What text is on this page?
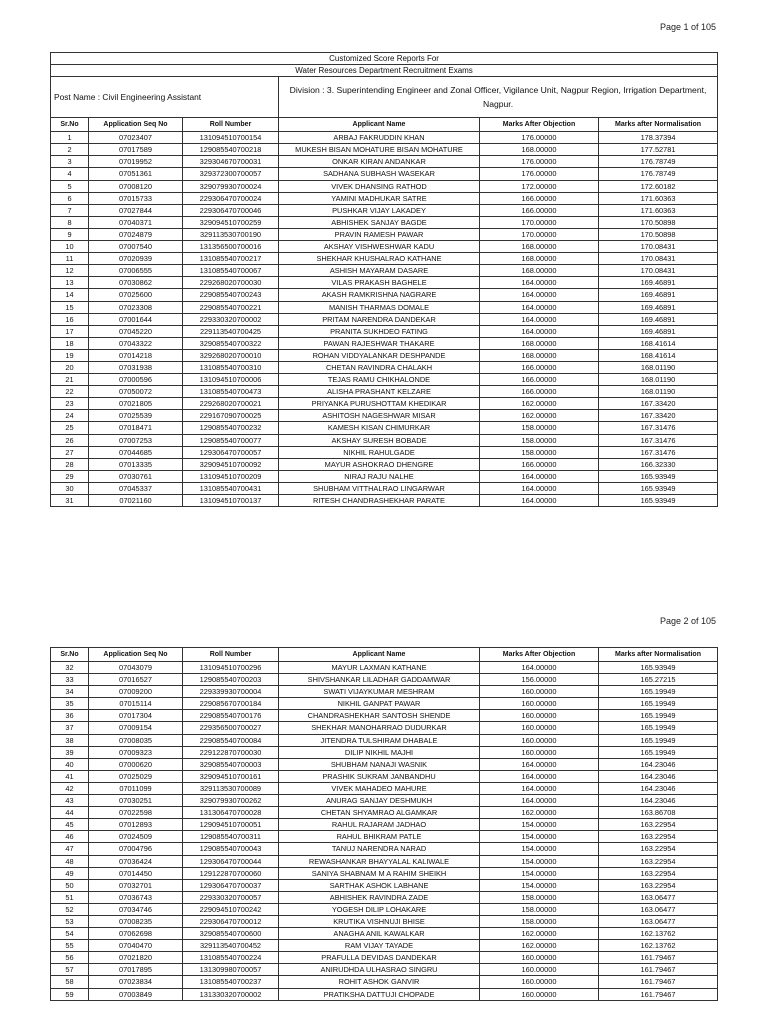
Page 1 of 105
Customized Score Reports For					
Water Resources Department Recruitment Exams					
Post Name : Civil Engineering Assistant			Division : 3. Superintending Engineer and Zonal Officer, Vigilance Unit, Nagpur Region, Irrigation Department, Nagpur.		
Sr.No	Application Seq No	Roll Number	Applicant Name	Marks After Objection	Marks after Normalisation
1	07023407	131094510700154	ARBAJ FAKRUDDIN KHAN	176.00000	178.37394
2	07017589	129085540700218	MUKESH BISAN MOHATURE BISAN MOHATURE	168.00000	177.52781
3	07019952	329304670700031	ONKAR KIRAN ANDANKAR	176.00000	176.78749
4	07051361	329372300700057	SADHANA SUBHASH WASEKAR	176.00000	176.78749
5	07008120	329079930700024	VIVEK DHANSING RATHOD	172.00000	172.60182
6	07015733	229306470700024	YAMINI MADHUKAR SATRE	166.00000	171.60363
7	07027844	229306470700046	PUSHKAR VIJAY LAKADEY	166.00000	171.60363
8	07040371	329094510700259	ABHISHEK SANJAY BAGDE	170.00000	170.50898
9	07024879	329113530700190	PRAVIN RAMESH PAWAR	170.00000	170.50898
10	07007540	131356500700016	AKSHAY VISHWESHWAR KADU	168.00000	170.08431
11	07020939	131085540700217	SHEKHAR KHUSHALRAO KATHANE	168.00000	170.08431
12	07006555	131085540700067	ASHISH MAYARAM DASARE	168.00000	170.08431
13	07030862	229268020700030	VILAS PRAKASH BAGHELE	164.00000	169.46891
14	07025600	229085540700243	AKASH RAMKRISHNA NAGRARE	164.00000	169.46891
15	07023308	229085540700221	MANISH THARMAS DOMALE	164.00000	169.46891
16	07001644	229330320700002	PRITAM NARENDRA DANDEKAR	164.00000	169.46891
17	07045220	229113540700425	PRANITA SUKHDEO FATING	164.00000	169.46891
18	07043322	329085540700322	PAWAN RAJESHWAR THAKARE	168.00000	168.41614
19	07014218	329268020700010	ROHAN VIDDYALANKAR DESHPANDE	168.00000	168.41614
20	07031938	131085540700310	CHETAN RAVINDRA CHALAKH	166.00000	168.01190
21	07000596	131094510700006	TEJAS RAMU CHIKHALONDE	166.00000	168.01190
22	07050072	131085540700473	ALISHA PRASHANT KELZARE	166.00000	168.01190
23	07021805	229268020700021	PRIYANKA PURUSHOTTAM KHEDIKAR	162.00000	167.33420
24	07025539	229167090700025	ASHITOSH NAGESHWAR MISAR	162.00000	167.33420
25	07018471	129085540700232	KAMESH KISAN CHIMURKAR	158.00000	167.31476
26	07007253	129085540700077	AKSHAY SURESH BOBADE	158.00000	167.31476
27	07044685	129306470700057	NIKHIL RAHULGADE	158.00000	167.31476
28	07013335	329094510700092	MAYUR ASHOKRAO DHENGRE	166.00000	166.32330
29	07030761	131094510700209	NIRAJ RAJU NALHE	164.00000	165.93949
30	07045337	131085540700431	SHUBHAM VITTHALRAO LINGARWAR	164.00000	165.93949
31	07021160	131094510700137	RITESH CHANDRASHEKHAR PARATE	164.00000	165.93949
Page 2 of 105
Sr.No	Application Seq No	Roll Number	Applicant Name	Marks After Objection	Marks after Normalisation
32	07043079	131094510700296	MAYUR LAXMAN KATHANE	164.00000	165.93949
33	07016527	129085540700203	SHIVSHANKAR LILADHAR GADDAMWAR	156.00000	165.27215
34	07009200	229339930700004	SWATI VIJAYKUMAR MESHRAM	160.00000	165.19949
35	07015114	229085670700184	NIKHIL GANPAT PAWAR	160.00000	165.19949
36	07017304	229085540700176	CHANDRASHEKHAR SANTOSH SHENDE	160.00000	165.19949
37	07009154	229356500700027	SHEKHAR MANOHARRAO DUDURKAR	160.00000	165.19949
38	07008035	229085540700084	JITENDRA TULSHIRAM DHABALE	160.00000	165.19949
39	07009323	229122870700030	DILIP NIKHIL MAJHI	160.00000	165.19949
40	07000620	329085540700003	SHUBHAM NANAJI WASNIK	164.00000	164.23046
41	07025029	329094510700161	PRASHIK SUKRAM JANBANDHU	164.00000	164.23046
42	07011099	329113530700089	VIVEK MAHADEO MAHURE	164.00000	164.23046
43	07030251	329079930700262	ANURAG SANJAY DESHMUKH	164.00000	164.23046
44	07022598	131306470700028	CHETAN SHYAMRAO ALGAMKAR	162.00000	163.86708
45	07012893	129094510700051	RAHUL RAJARAM JADHAO	154.00000	163.22954
46	07024509	129085540700311	RAHUL BHIKRAM PATLE	154.00000	163.22954
47	07004796	129085540700043	TANUJ NARENDRA NARAD	154.00000	163.22954
48	07036424	129306470700044	REWASHANKAR BHAYYALAL KALIWALE	154.00000	163.22954
49	07014450	129122870700060	SANIYA SHABNAM M A RAHIM SHEIKH	154.00000	163.22954
50	07032701	129306470700037	SARTHAK ASHOK LABHANE	154.00000	163.22954
51	07036743	229330320700057	ABHISHEK RAVINDRA ZADE	158.00000	163.06477
52	07034746	229094510700242	YOGESH DILIP LOHAKARE	158.00000	163.06477
53	07008235	229306470700012	KRUTIKA VISHNUJI BHISE	158.00000	163.06477
54	07062698	329085540700600	ANAGHA ANIL KAWALKAR	162.00000	162.13762
55	07040470	329113540700452	RAM VIJAY TAYADE	162.00000	162.13762
56	07021820	131085540700224	PRAFULLA DEVIDAS DANDEKAR	160.00000	161.79467
57	07017895	131309980700057	ANIRUDHDA ULHASRAO SINGRU	160.00000	161.79467
58	07023834	131085540700237	ROHIT ASHOK GANVIR	160.00000	161.79467
59	07003849	131330320700002	PRATIKSHA DATTUJI CHOPADE	160.00000	161.79467
